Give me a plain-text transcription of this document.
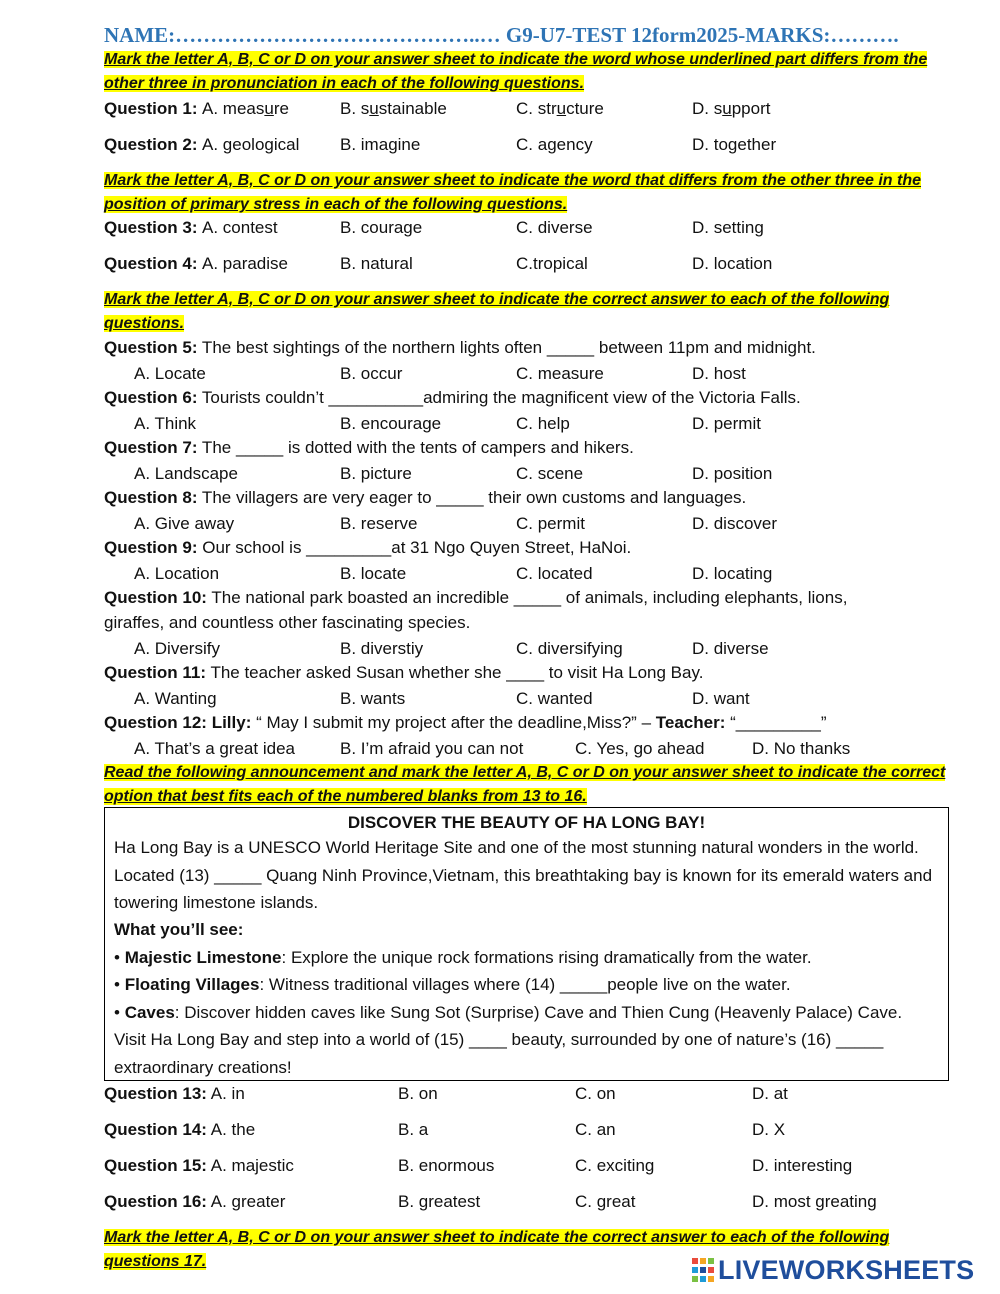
NAME:……………………………………..… G9-U7-TEST 12form2025-MARKS:……….
Mark the letter A, B, C or D on your answer sheet to indicate the word whose underlined part differs from the other three in pronunciation in each of the following questions.
Question 1: A. measure	B. sustainable	C. structure	D. support
Question 2: A. geological B. imagine	C. agency	D. together
Mark the letter A, B, C or D on your answer sheet to indicate the word that differs from the other three in the position of primary stress in each of the following questions.
Question 3: A. contest	B. courage	C. diverse	D. setting
Question 4: A. paradise	B. natural	C.tropical	D. location
Mark the letter A, B, C or D on your answer sheet to indicate the correct answer to each of the following questions.
Question 5: The best sightings of the northern lights often _____ between 11pm and midnight.
A. Locate	B. occur	C. measure	D. host
Question 6: Tourists couldn’t __________admiring the magnificent view of the Victoria Falls.
A. Think	B. encourage	C. help	D. permit
Question 7: The _____ is dotted with the tents of campers and hikers.
A. Landscape	B. picture	C. scene	D. position
Question 8: The villagers are very eager to _____ their own customs and languages.
A. Give away	B. reserve	C. permit	D. discover
Question 9: Our school is _________at 31 Ngo Quyen Street, HaNoi.
A. Location	B. locate	C. located	D. locating
Question 10: The national park boasted an incredible _____ of animals, including elephants, lions,
giraffes, and countless other fascinating species.
A. Diversify	B. diverstiy	C. diversifying	D. diverse
Question 11: The teacher asked Susan whether she ____ to visit Ha Long Bay.
A. Wanting	B. wants	C. wanted	D. want
Question 12: Lilly: “ May I submit my project after the deadline,Miss?” – Teacher: “_________”
A. That’s a great idea	B. I’m afraid you can not	C. Yes, go ahead	D. No thanks
Read the following announcement and mark the letter A, B, C or D on your answer sheet to indicate the correct option that best fits each of the numbered blanks from 13 to 16.
DISCOVER THE BEAUTY OF HA LONG BAY!
Ha Long Bay is a UNESCO World Heritage Site and one of the most stunning natural wonders in the world. Located (13) _____ Quang Ninh Province,Vietnam, this breathtaking bay is known for its emerald waters and towering limestone islands.
What you’ll see:
• Majestic Limestone: Explore the unique rock formations rising dramatically from the water.
• Floating Villages: Witness traditional villages where (14) _____people live on the water.
• Caves: Discover hidden caves like Sung Sot (Surprise) Cave and Thien Cung (Heavenly Palace) Cave.
Visit Ha Long Bay and step into a world of (15) ____ beauty, surrounded by one of nature’s (16) _____ extraordinary creations!
Question 13: A. in	B. on	C. on	D. at
Question 14: A. the	B. a	C. an	D. X
Question 15: A. majestic	B. enormous	C. exciting	D. interesting
Question 16: A. greater	B. greatest	C. great	D. most greating
Mark the letter A, B, C or D on your answer sheet to indicate the correct answer to each of the following questions 17.	LIVEWORKSHEETS
